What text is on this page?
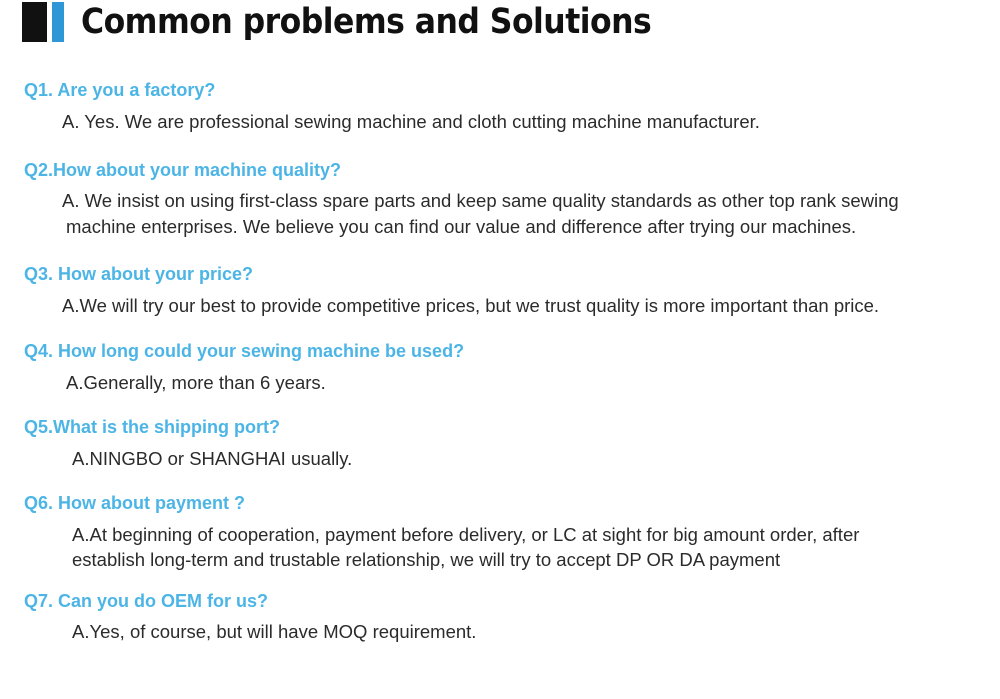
Common problems and Solutions
Q1. Are you a factory?
A. Yes. We are professional sewing machine and cloth cutting machine manufacturer.
Q2.How about your machine quality?
A. We insist on using first-class spare parts and keep same quality standards as other top rank sewing
machine enterprises. We believe you can find our value and difference after trying our machines.
Q3. How about your price?
A.We will try our best to provide competitive prices, but we trust quality is more important than price.
Q4. How long could your sewing machine be used?
A.Generally, more than 6 years.
Q5.What is the shipping port?
A.NINGBO or SHANGHAI usually.
Q6. How about payment ?
A.At beginning of cooperation, payment before delivery, or LC at sight for big amount order, after
establish long-term and trustable relationship, we will try to accept DP OR DA payment
Q7. Can you do OEM for us?
A.Yes, of course, but will have MOQ requirement.
